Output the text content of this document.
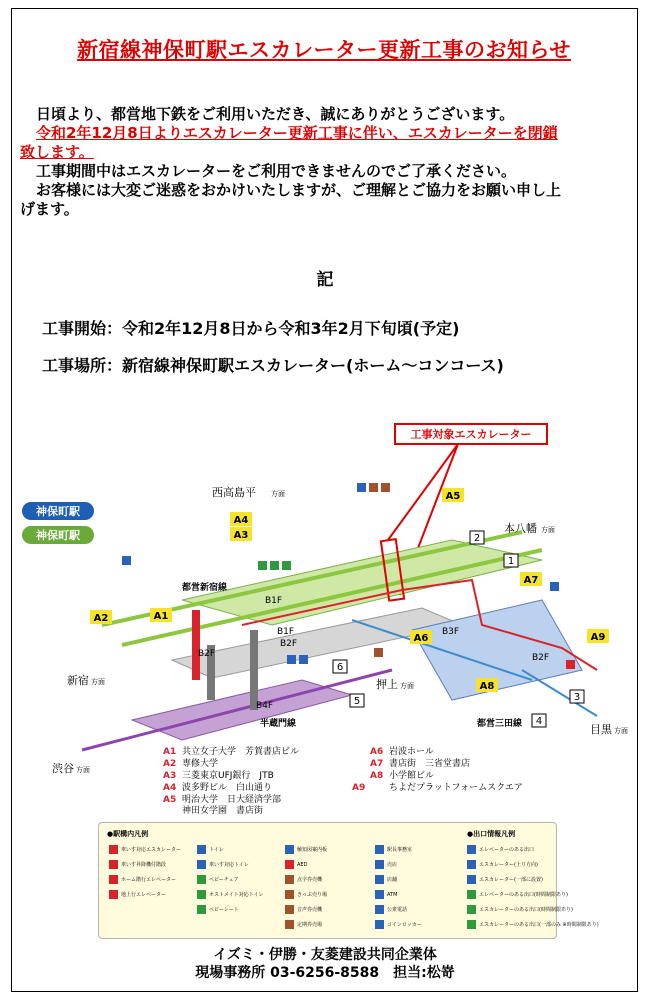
新宿線神保町駅エスカレーター更新工事のお知らせ
日頃より、都営地下鉄をご利用いただき、誠にありがとうございます。
令和2年12月8日よりエスカレーター更新工事に伴い、エスカレーターを閉鎖
致します。
工事期間中はエスカレーターをご利用できませんのでご了承ください。
お客様には大変ご迷惑をおかけいたしますが、ご理解とご協力をお願い申し上
げます。
記
工事開始：令和2年12月8日から令和3年2月下旬頃(予定)
工事場所：新宿線神保町駅エスカレーター(ホーム～コンコース)
工事対象エスカレーター
神保町駅
神保町駅
西高島平 方面
本八幡 方面
新宿 方面
目黒 方面
渋谷 方面
押上 方面
都営新宿線
都営三田線
半蔵門線
B1F
B1F
B2F
B2F
B3F
B2F
B4F
A1
A2
A3
A4
A5
A6
A7
A8
A9
1
2
3
4
5
6
A1 共立女子大学　芳賀書店ビル
A2 専修大学
A3 三菱東京UFJ銀行　JTB
A4 波多野ビル　白山通り
A5 明治大学　日大経済学部
神田女学園　書店街
A6 岩波ホール
A7 書店街　三省堂書店
A8 小学館ビル
A9	ちよだプラットフォームスクエア
●駅構内凡例	●出口情報凡例
車いす対応エスカレーター
車いす昇降機付階段
ホーム階行エレベーター
地上行エレベーター
トイレ
車いす対応トイレ
ベビーチェア
オストメイト対応トイレ
ベビーシート
触知図案内板
AED
点字券売機
きっぷ売り場
音声券売機
定期券売場
駅長事務室
売店
店舗
ATM
公衆電話
コインロッカー
エレベーターのある出口
エスカレーター(上り方向)
エスカレーター(一部に設置)
エレベーターのある出口(時間制限あり)
エスカレーターのある出口(時間制限あり)
エスカレーターのある出口(一部のみ ※時間制限あり)
イズミ・伊勝・友菱建設共同企業体
現場事務所 03-6256-8588　担当:松嵜
